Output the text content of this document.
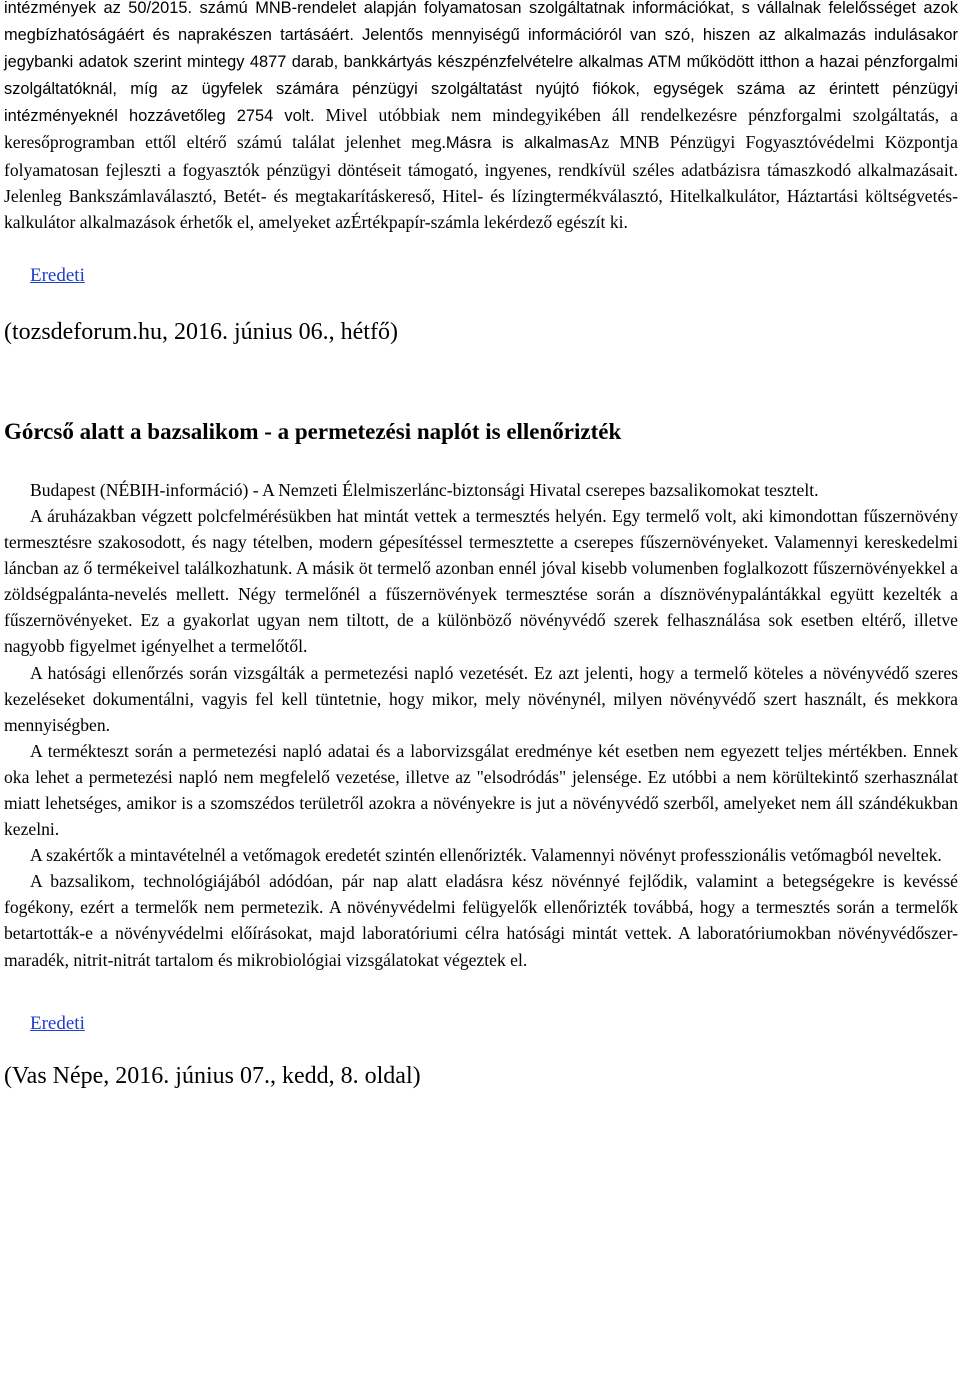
intézmények az 50/2015. számú MNB-rendelet alapján folyamatosan szolgáltatnak információkat, s vállalnak felelősséget azok megbízhatóságáért és naprakészen tartásáért. Jelentős mennyiségű információról van szó, hiszen az alkalmazás indulásakor jegybanki adatok szerint mintegy 4877 darab, bankkártyás készpénzfelvételre alkalmas ATM működött itthon a hazai pénzforgalmi szolgáltatóknál, míg az ügyfelek számára pénzügyi szolgáltatást nyújtó fiókok, egységek száma az érintett pénzügyi intézményeknél hozzávetőleg 2754 volt. Mivel utóbbiak nem mindegyikében áll rendelkezésre pénzforgalmi szolgáltatás, a keresőprogramban ettől eltérő számú találat jelenhet meg.Másra is alkalmasAz MNB Pénzügyi Fogyasztóvédelmi Központja folyamatosan fejleszti a fogyasztók pénzügyi döntéseit támogató, ingyenes, rendkívül széles adatbázisra támaszkodó alkalmazásait. Jelenleg Bankszámlaválasztó, Betét- és megtakarításkereső, Hitel- és lízingtermékválasztó, Hitelkalkulátor, Háztartási költségvetés-kalkulátor alkalmazások érhetők el, amelyeket azÉrtékpapír-számla lekérdező egészít ki.

Eredeti

(tozsdeforum.hu, 2016. június 06., hétfő)

Górcső alatt a bazsalikom - a permetezési naplót is ellenőrizték

Budapest (NÉBIH-információ) - A Nemzeti Élelmiszerlánc-biztonsági Hivatal cserepes bazsalikomokat tesztelt.

A áruházakban végzett polcfelmérésükben hat mintát vettek a termesztés helyén. Egy termelő volt, aki kimondottan fűszernövény termesztésre szakosodott, és nagy tételben, modern gépesítéssel termesztette a cserepes fűszernövényeket. Valamennyi kereskedelmi láncban az ő termékeivel találkozhatunk. A másik öt termelő azonban ennél jóval kisebb volumenben foglalkozott fűszernövényekkel a zöldségpalánta-nevelés mellett. Négy termelőnél a fűszernövények termesztése során a dísznövénypalántákkal együtt kezelték a fűszernövényeket. Ez a gyakorlat ugyan nem tiltott, de a különböző növényvédő szerek felhasználása sok esetben eltérő, illetve nagyobb figyelmet igényelhet a termelőtől.

A hatósági ellenőrzés során vizsgálták a permetezési napló vezetését. Ez azt jelenti, hogy a termelő köteles a növényvédő szeres kezeléseket dokumentálni, vagyis fel kell tüntetnie, hogy mikor, mely növénynél, milyen növényvédő szert használt, és mekkora mennyiségben.

A termékteszt során a permetezési napló adatai és a laborvizsgálat eredménye két esetben nem egyezett teljes mértékben. Ennek oka lehet a permetezési napló nem megfelelő vezetése, illetve az "elsodródás" jelensége. Ez utóbbi a nem körültekintő szerhasználat miatt lehetséges, amikor is a szomszédos területről azokra a növényekre is jut a növényvédő szerből, amelyeket nem áll szándékukban kezelni.

A szakértők a mintavételnél a vetőmagok eredetét szintén ellenőrizték. Valamennyi növényt professzionális vetőmagból neveltek.

A bazsalikom, technológiájából adódóan, pár nap alatt eladásra kész növénnyé fejlődik, valamint a betegségekre is kevéssé fogékony, ezért a termelők nem permetezik. A növényvédelmi felügyelők ellenőrizték továbbá, hogy a termesztés során a termelők betartották-e a növényvédelmi előírásokat, majd laboratóriumi célra hatósági mintát vettek. A laboratóriumokban növényvédőszer-maradék, nitrit-nitrát tartalom és mikrobiológiai vizsgálatokat végeztek el.

Eredeti

(Vas Népe, 2016. június 07., kedd, 8. oldal)
